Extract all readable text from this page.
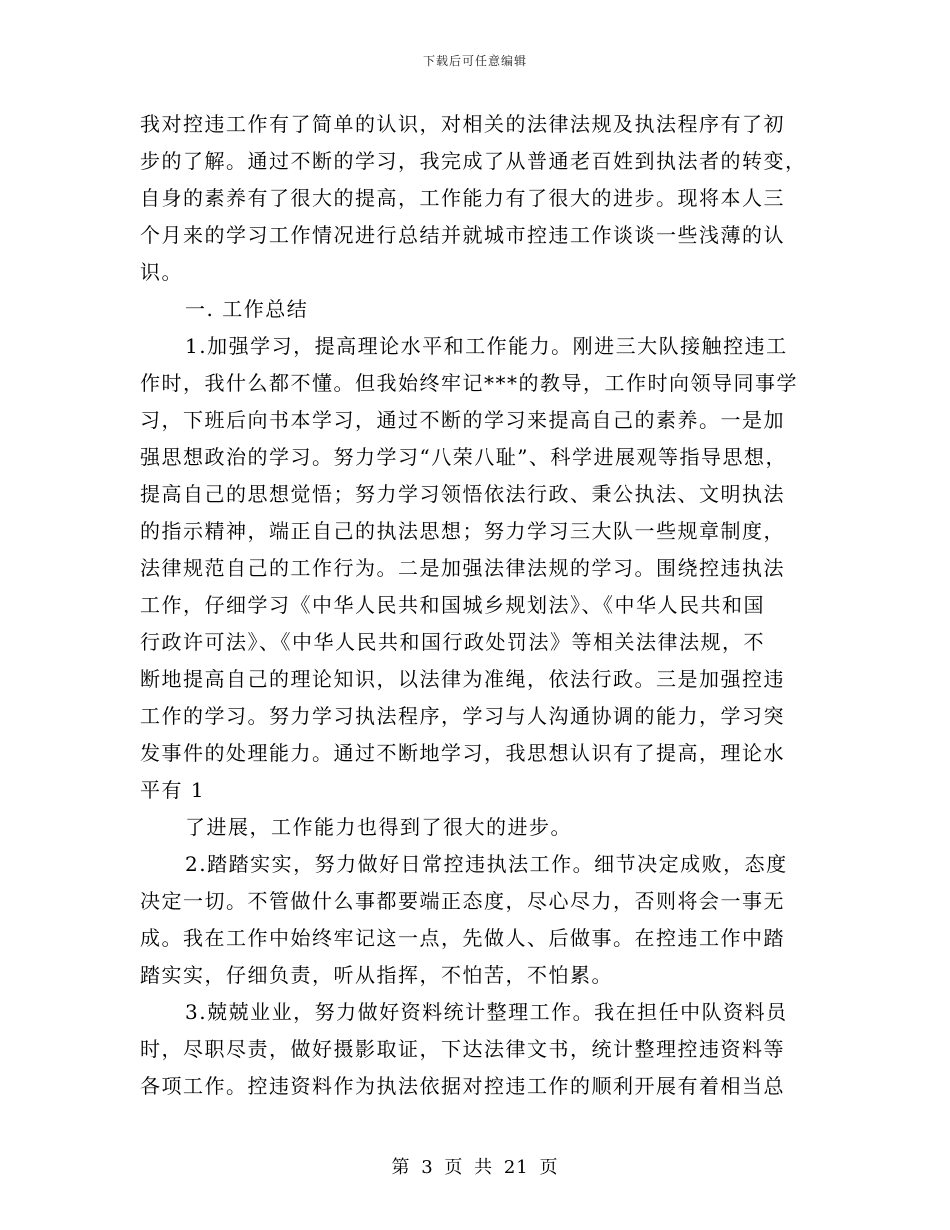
下载后可任意编辑
我对控违工作有了简单的认识，对相关的法律法规及执法程序有了初
步的了解。通过不断的学习，我完成了从普通老百姓到执法者的转变，
自身的素养有了很大的提高，工作能力有了很大的进步。现将本人三
个月来的学习工作情况进行总结并就城市控违工作谈谈一些浅薄的认
识。
一. 工作总结
1.加强学习，提高理论水平和工作能力。刚进三大队接触控违工
作时，我什么都不懂。但我始终牢记***的教导，工作时向领导同事学
习，下班后向书本学习，通过不断的学习来提高自己的素养。一是加
强思想政治的学习。努力学习“八荣八耻”、科学进展观等指导思想，
提高自己的思想觉悟；努力学习领悟依法行政、秉公执法、文明执法
的指示精神，端正自己的执法思想；努力学习三大队一些规章制度，
法律规范自己的工作行为。二是加强法律法规的学习。围绕控违执法
工作，仔细学习《中华人民共和国城乡规划法》、《中华人民共和国
行政许可法》、《中华人民共和国行政处罚法》等相关法律法规，不
断地提高自己的理论知识，以法律为准绳，依法行政。三是加强控违
工作的学习。努力学习执法程序，学习与人沟通协调的能力，学习突
发事件的处理能力。通过不断地学习，我思想认识有了提高，理论水
平有 1
了进展，工作能力也得到了很大的进步。
2.踏踏实实，努力做好日常控违执法工作。细节决定成败，态度
决定一切。不管做什么事都要端正态度，尽心尽力，否则将会一事无
成。我在工作中始终牢记这一点，先做人、后做事。在控违工作中踏
踏实实，仔细负责，听从指挥，不怕苦，不怕累。
3.兢兢业业，努力做好资料统计整理工作。我在担任中队资料员
时，尽职尽责，做好摄影取证，下达法律文书，统计整理控违资料等
各项工作。控违资料作为执法依据对控违工作的顺利开展有着相当总
第 3 页 共 21 页
